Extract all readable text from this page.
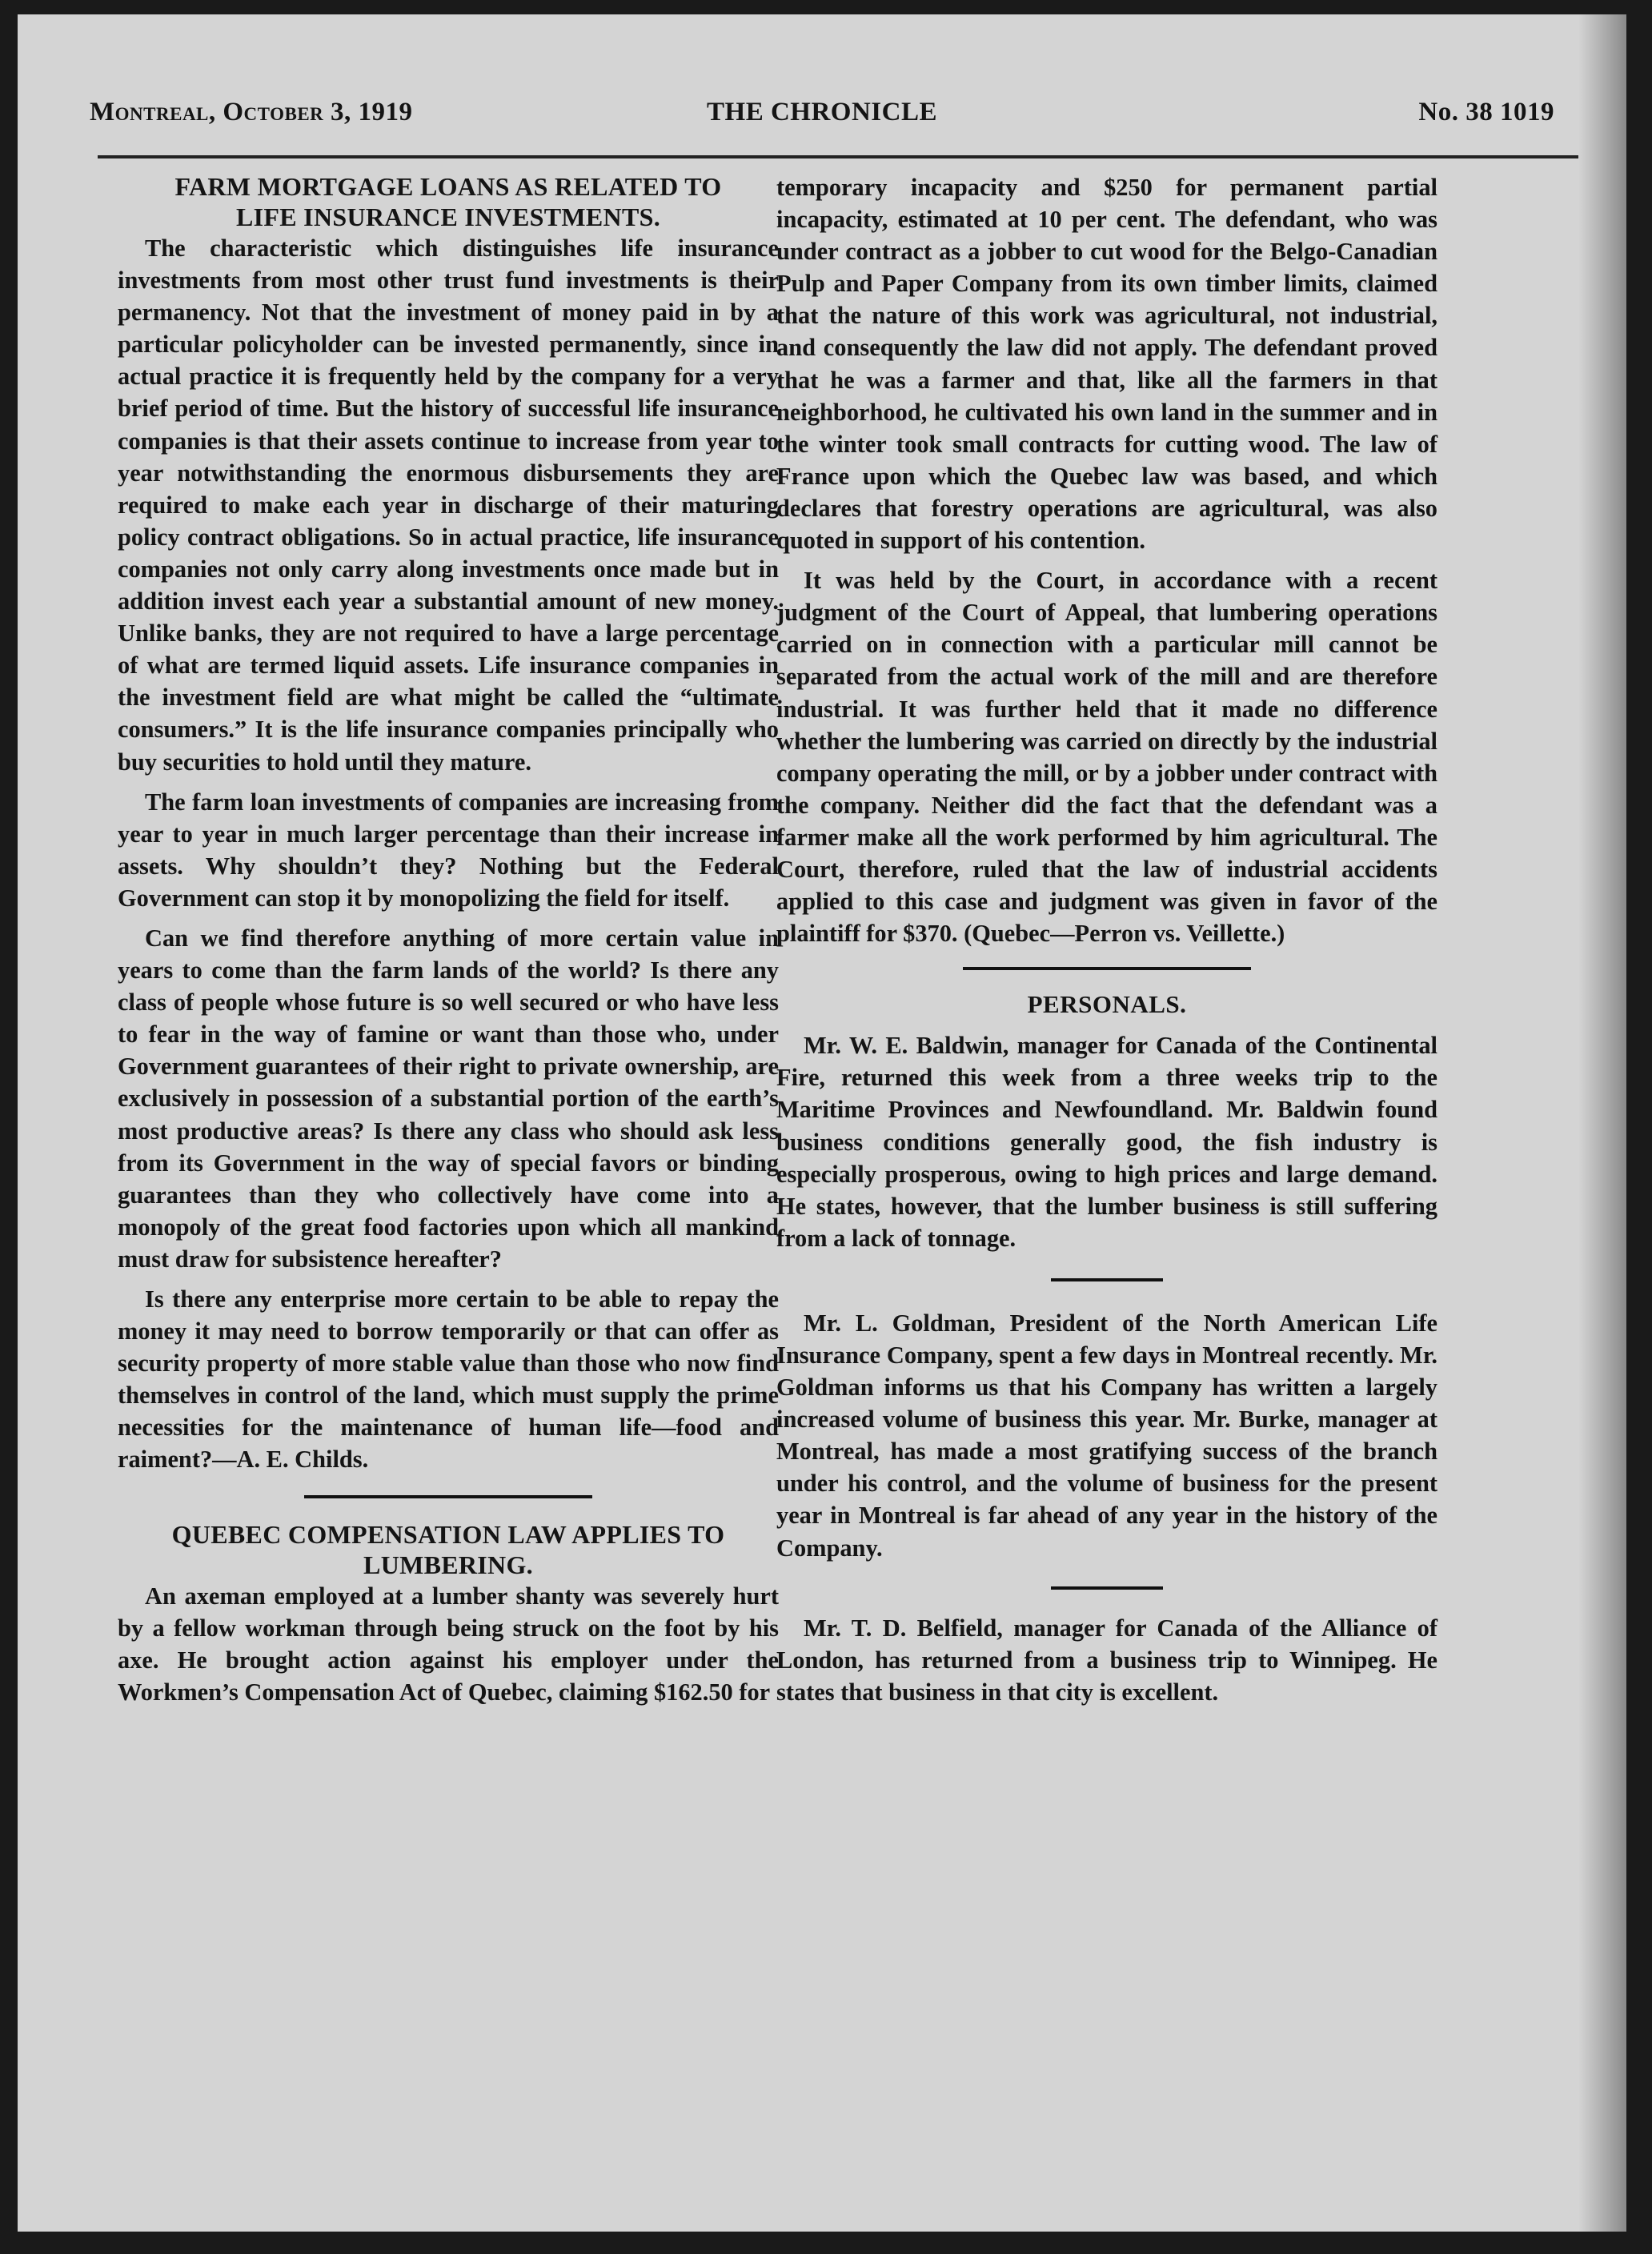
Montreal, October 3, 1919	THE CHRONICLE	No. 38 1019
FARM MORTGAGE LOANS AS RELATED TO
LIFE INSURANCE INVESTMENTS.

The characteristic which distinguishes life insurance investments from most other trust fund investments is their permanency. Not that the investment of money paid in by a particular policyholder can be invested permanently, since in actual practice it is frequently held by the company for a very brief period of time. But the history of successful life insurance companies is that their assets continue to increase from year to year notwithstanding the enormous disbursements they are required to make each year in discharge of their maturing policy contract obligations. So in actual practice, life insurance companies not only carry along investments once made but in addition invest each year a substantial amount of new money. Unlike banks, they are not required to have a large percentage of what are termed liquid assets. Life insurance companies in the investment field are what might be called the “ultimate consumers.” It is the life insurance companies principally who buy securities to hold until they mature.

The farm loan investments of companies are increasing from year to year in much larger percentage than their increase in assets. Why shouldn’t they? Nothing but the Federal Government can stop it by monopolizing the field for itself.

Can we find therefore anything of more certain value in years to come than the farm lands of the world? Is there any class of people whose future is so well secured or who have less to fear in the way of famine or want than those who, under Government guarantees of their right to private ownership, are exclusively in possession of a substantial portion of the earth’s most productive areas? Is there any class who should ask less from its Government in the way of special favors or binding guarantees than they who collectively have come into a monopoly of the great food factories upon which all mankind must draw for subsistence hereafter?

Is there any enterprise more certain to be able to repay the money it may need to borrow temporarily or that can offer as security property of more stable value than those who now find themselves in control of the land, which must supply the prime necessities for the maintenance of human life—food and raiment?—A. E. Childs.

QUEBEC COMPENSATION LAW APPLIES TO
LUMBERING.

An axeman employed at a lumber shanty was severely hurt by a fellow workman through being struck on the foot by his axe. He brought action against his employer under the Workmen’s Compensation Act of Quebec, claiming $162.50 for

temporary incapacity and $250 for permanent partial incapacity, estimated at 10 per cent. The defendant, who was under contract as a jobber to cut wood for the Belgo-Canadian Pulp and Paper Company from its own timber limits, claimed that the nature of this work was agricultural, not industrial, and consequently the law did not apply. The defendant proved that he was a farmer and that, like all the farmers in that neighborhood, he cultivated his own land in the summer and in the winter took small contracts for cutting wood. The law of France upon which the Quebec law was based, and which declares that forestry operations are agricultural, was also quoted in support of his contention.

It was held by the Court, in accordance with a recent judgment of the Court of Appeal, that lumbering operations carried on in connection with a particular mill cannot be separated from the actual work of the mill and are therefore industrial. It was further held that it made no difference whether the lumbering was carried on directly by the industrial company operating the mill, or by a jobber under contract with the company. Neither did the fact that the defendant was a farmer make all the work performed by him agricultural. The Court, therefore, ruled that the law of industrial accidents applied to this case and judgment was given in favor of the plaintiff for $370. (Quebec—Perron vs. Veillette.)

PERSONALS.

Mr. W. E. Baldwin, manager for Canada of the Continental Fire, returned this week from a three weeks trip to the Maritime Provinces and Newfoundland. Mr. Baldwin found business conditions generally good, the fish industry is especially prosperous, owing to high prices and large demand. He states, however, that the lumber business is still suffering from a lack of tonnage.

Mr. L. Goldman, President of the North American Life Insurance Company, spent a few days in Montreal recently. Mr. Goldman informs us that his Company has written a largely increased volume of business this year. Mr. Burke, manager at Montreal, has made a most gratifying success of the branch under his control, and the volume of business for the present year in Montreal is far ahead of any year in the history of the Company.

Mr. T. D. Belfield, manager for Canada of the Alliance of London, has returned from a business trip to Winnipeg. He states that business in that city is excellent.
